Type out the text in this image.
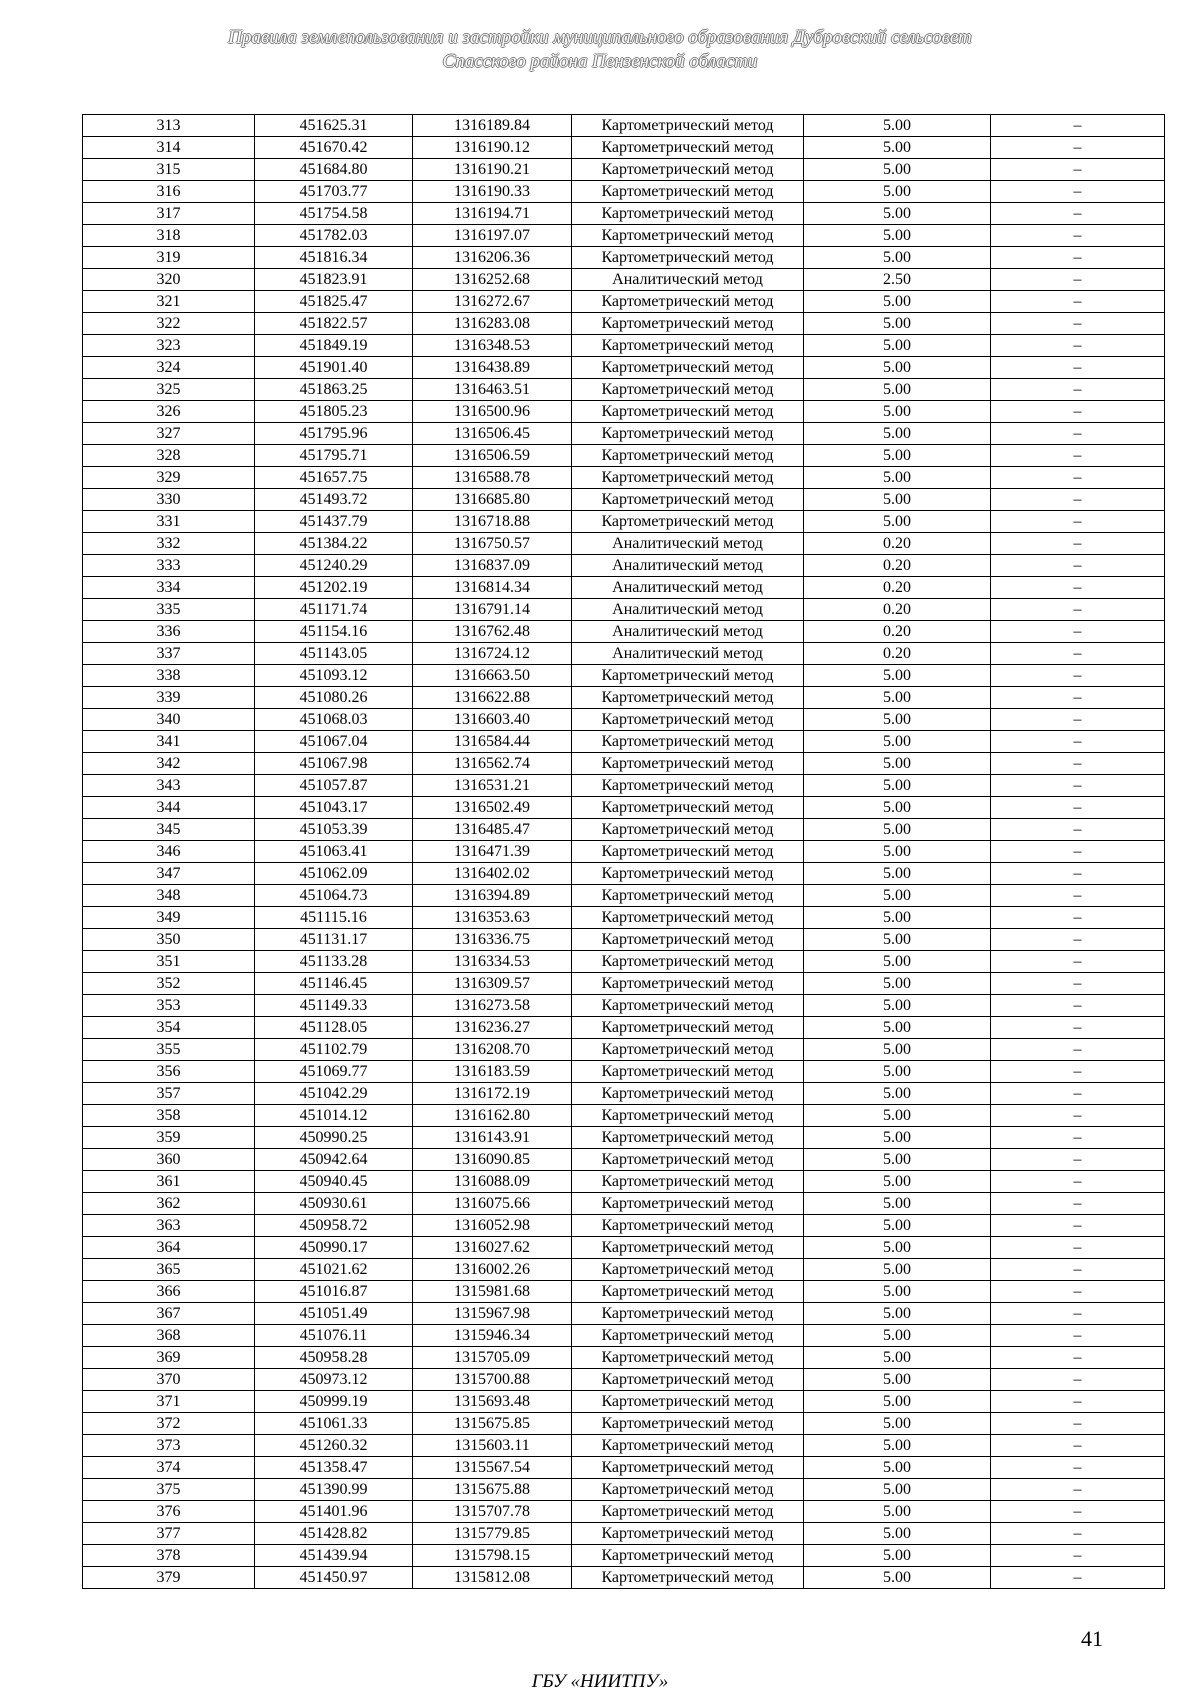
Правила землепользования и застройки муниципального образования Дубровский сельсовет
Спасского района Пензенской области
313	451625.31	1316189.84	Картометрический метод	5.00	–
314	451670.42	1316190.12	Картометрический метод	5.00	–
315	451684.80	1316190.21	Картометрический метод	5.00	–
316	451703.77	1316190.33	Картометрический метод	5.00	–
317	451754.58	1316194.71	Картометрический метод	5.00	–
318	451782.03	1316197.07	Картометрический метод	5.00	–
319	451816.34	1316206.36	Картометрический метод	5.00	–
320	451823.91	1316252.68	Аналитический метод	2.50	–
321	451825.47	1316272.67	Картометрический метод	5.00	–
322	451822.57	1316283.08	Картометрический метод	5.00	–
323	451849.19	1316348.53	Картометрический метод	5.00	–
324	451901.40	1316438.89	Картометрический метод	5.00	–
325	451863.25	1316463.51	Картометрический метод	5.00	–
326	451805.23	1316500.96	Картометрический метод	5.00	–
327	451795.96	1316506.45	Картометрический метод	5.00	–
328	451795.71	1316506.59	Картометрический метод	5.00	–
329	451657.75	1316588.78	Картометрический метод	5.00	–
330	451493.72	1316685.80	Картометрический метод	5.00	–
331	451437.79	1316718.88	Картометрический метод	5.00	–
332	451384.22	1316750.57	Аналитический метод	0.20	–
333	451240.29	1316837.09	Аналитический метод	0.20	–
334	451202.19	1316814.34	Аналитический метод	0.20	–
335	451171.74	1316791.14	Аналитический метод	0.20	–
336	451154.16	1316762.48	Аналитический метод	0.20	–
337	451143.05	1316724.12	Аналитический метод	0.20	–
338	451093.12	1316663.50	Картометрический метод	5.00	–
339	451080.26	1316622.88	Картометрический метод	5.00	–
340	451068.03	1316603.40	Картометрический метод	5.00	–
341	451067.04	1316584.44	Картометрический метод	5.00	–
342	451067.98	1316562.74	Картометрический метод	5.00	–
343	451057.87	1316531.21	Картометрический метод	5.00	–
344	451043.17	1316502.49	Картометрический метод	5.00	–
345	451053.39	1316485.47	Картометрический метод	5.00	–
346	451063.41	1316471.39	Картометрический метод	5.00	–
347	451062.09	1316402.02	Картометрический метод	5.00	–
348	451064.73	1316394.89	Картометрический метод	5.00	–
349	451115.16	1316353.63	Картометрический метод	5.00	–
350	451131.17	1316336.75	Картометрический метод	5.00	–
351	451133.28	1316334.53	Картометрический метод	5.00	–
352	451146.45	1316309.57	Картометрический метод	5.00	–
353	451149.33	1316273.58	Картометрический метод	5.00	–
354	451128.05	1316236.27	Картометрический метод	5.00	–
355	451102.79	1316208.70	Картометрический метод	5.00	–
356	451069.77	1316183.59	Картометрический метод	5.00	–
357	451042.29	1316172.19	Картометрический метод	5.00	–
358	451014.12	1316162.80	Картометрический метод	5.00	–
359	450990.25	1316143.91	Картометрический метод	5.00	–
360	450942.64	1316090.85	Картометрический метод	5.00	–
361	450940.45	1316088.09	Картометрический метод	5.00	–
362	450930.61	1316075.66	Картометрический метод	5.00	–
363	450958.72	1316052.98	Картометрический метод	5.00	–
364	450990.17	1316027.62	Картометрический метод	5.00	–
365	451021.62	1316002.26	Картометрический метод	5.00	–
366	451016.87	1315981.68	Картометрический метод	5.00	–
367	451051.49	1315967.98	Картометрический метод	5.00	–
368	451076.11	1315946.34	Картометрический метод	5.00	–
369	450958.28	1315705.09	Картометрический метод	5.00	–
370	450973.12	1315700.88	Картометрический метод	5.00	–
371	450999.19	1315693.48	Картометрический метод	5.00	–
372	451061.33	1315675.85	Картометрический метод	5.00	–
373	451260.32	1315603.11	Картометрический метод	5.00	–
374	451358.47	1315567.54	Картометрический метод	5.00	–
375	451390.99	1315675.88	Картометрический метод	5.00	–
376	451401.96	1315707.78	Картометрический метод	5.00	–
377	451428.82	1315779.85	Картометрический метод	5.00	–
378	451439.94	1315798.15	Картометрический метод	5.00	–
379	451450.97	1315812.08	Картометрический метод	5.00	–
41
ГБУ «НИИТПУ»
